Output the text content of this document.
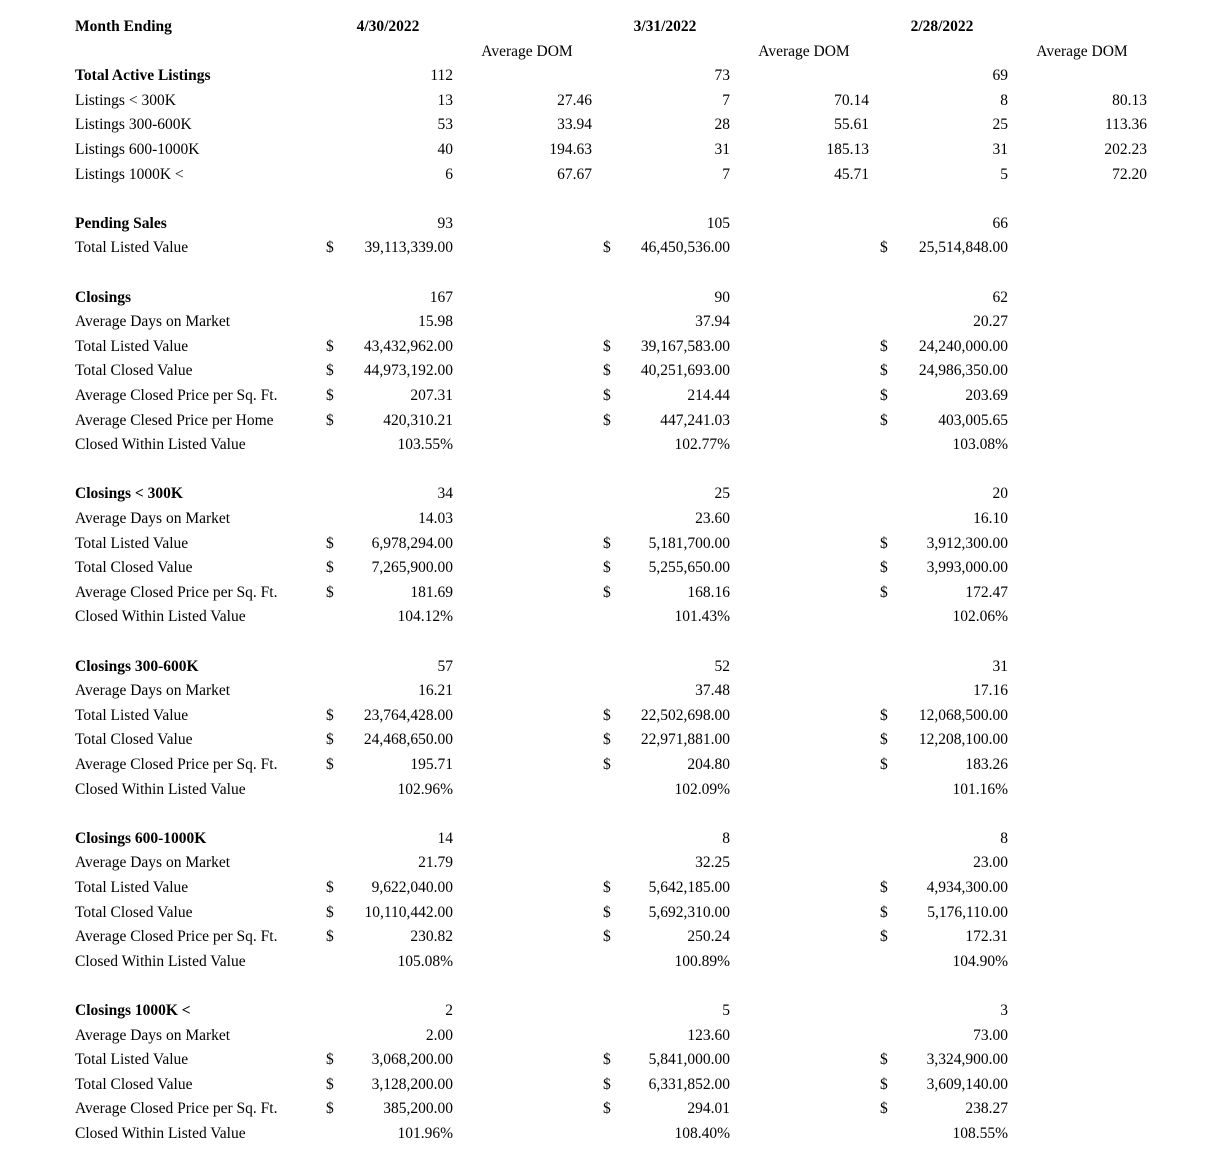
Month Ending	4/30/2022	3/31/2022	2/28/2022
Average DOM	Average DOM	Average DOM
Total Active Listings	112	73	69
Listings < 300K	13	27.46	7	70.14	8	80.13
Listings 300-600K	53	33.94	28	55.61	25	113.36
Listings 600-1000K	40	194.63	31	185.13	31	202.23
Listings 1000K <	6	67.67	7	45.71	5	72.20
Pending Sales	93	105	66
Total Listed Value	$ 39,113,339.00	$ 46,450,536.00	$ 25,514,848.00
Closings	167	90	62
Average Days on Market	15.98	37.94	20.27
Total Listed Value	$ 43,432,962.00	$ 39,167,583.00	$ 24,240,000.00
Total Closed Value	$ 44,973,192.00	$ 40,251,693.00	$ 24,986,350.00
Average Closed Price per Sq. Ft.	$	207.31	$	214.44	$	203.69
Average Clesed Price per Home	$	420,310.21	$	447,241.03	$	403,005.65
Closed Within Listed Value	103.55%	102.77%	103.08%
Closings < 300K	34	25	20
Average Days on Market	14.03	23.60	16.10
Total Listed Value	$ 6,978,294.00	$ 5,181,700.00	$	3,912,300.00
Total Closed Value	$ 7,265,900.00	$ 5,255,650.00	$	3,993,000.00
Average Closed Price per Sq. Ft.	$	181.69	$	168.16	$	172.47
Closed Within Listed Value	104.12%	101.43%	102.06%
Closings 300-600K	57	52	31
Average Days on Market	16.21	37.48	17.16
Total Listed Value	$ 23,764,428.00	$ 22,502,698.00	$ 12,068,500.00
Total Closed Value	$ 24,468,650.00	$ 22,971,881.00	$ 12,208,100.00
Average Closed Price per Sq. Ft.	$	195.71	$	204.80	$	183.26
Closed Within Listed Value	102.96%	102.09%	101.16%
Closings 600-1000K	14	8	8
Average Days on Market	21.79	32.25	23.00
Total Listed Value	$ 9,622,040.00	$ 5,642,185.00	$	4,934,300.00
Total Closed Value	$ 10,110,442.00	$ 5,692,310.00	$	5,176,110.00
Average Closed Price per Sq. Ft.	$	230.82	$	250.24	$	172.31
Closed Within Listed Value	105.08%	100.89%	104.90%
Closings 1000K <	2	5	3
Average Days on Market	2.00	123.60	73.00
Total Listed Value	$ 3,068,200.00	$ 5,841,000.00	$	3,324,900.00
Total Closed Value	$ 3,128,200.00	$ 6,331,852.00	$	3,609,140.00
Average Closed Price per Sq. Ft.	$	385,200.00	$	294.01	$	238.27
Closed Within Listed Value	101.96%	108.40%	108.55%
